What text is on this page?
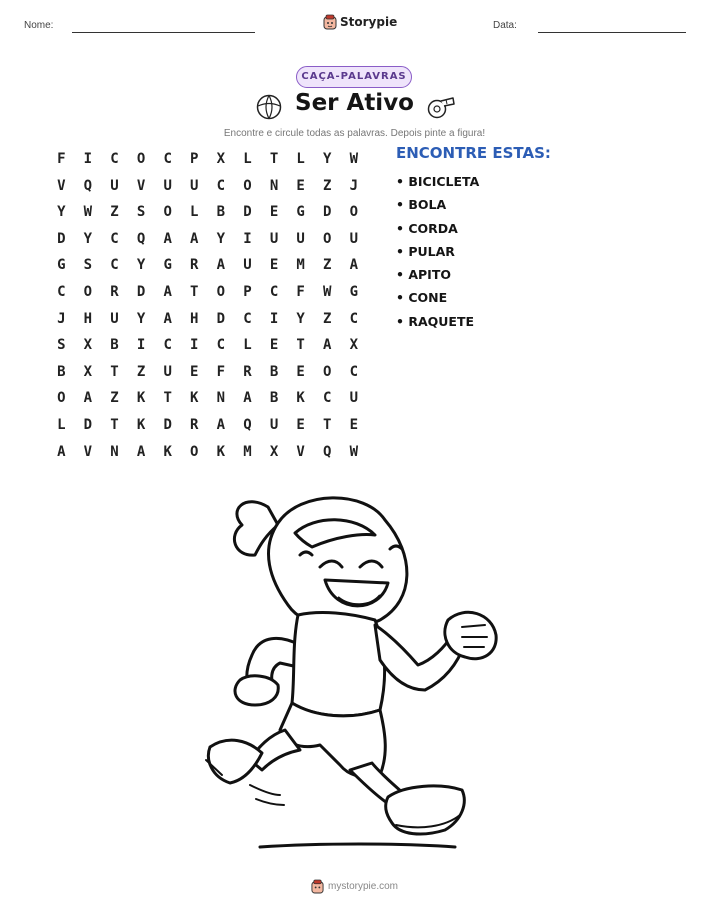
Nome:	Storypie	Data:
CAÇA-PALAVRAS
Ser Ativo
Encontre e circule todas as palavras. Depois pinte a figura!
F	I	C	O	C	P	X	L	T	L	Y	W
V	Q	U	V	U	U	C	O	N	E	Z	J
Y	W	Z	S	O	L	B	D	E	G	D	O
D	Y	C	Q	A	A	Y	I	U	U	O	U
G	S	C	Y	G	R	A	U	E	M	Z	A
C	O	R	D	A	T	O	P	C	F	W	G
J	H	U	Y	A	H	D	C	I	Y	Z	C
S	X	B	I	C	I	C	L	E	T	A	X
B	X	T	Z	U	E	F	R	B	E	O	C
O	A	Z	K	T	K	N	A	B	K	C	U
L	D	T	K	D	R	A	Q	U	E	T	E
A	V	N	A	K	O	K	M	X	V	Q	W
ENCONTRE ESTAS:
• BICICLETA
• BOLA
• CORDA
• PULAR
• APITO
• CONE
• RAQUETE
mystorypie.com
